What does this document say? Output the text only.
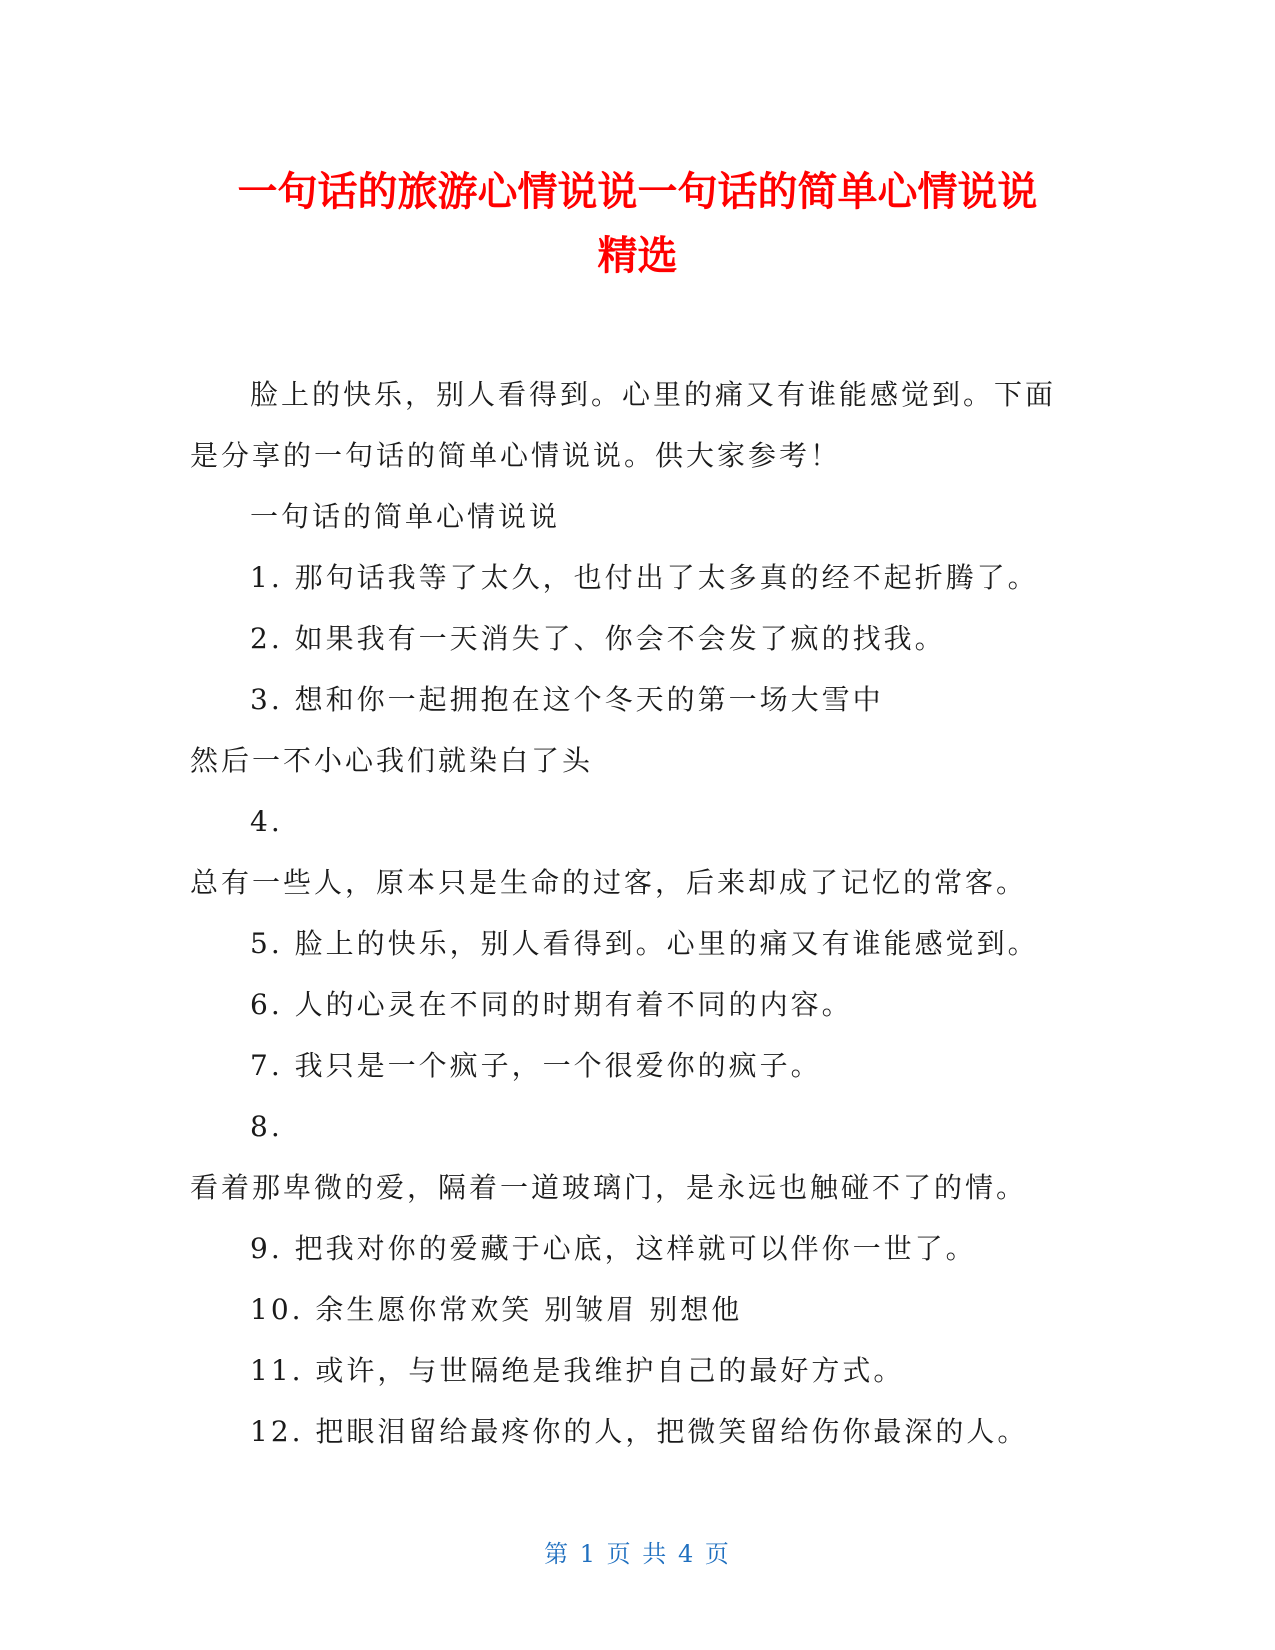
一句话的旅游心情说说一句话的简单心情说说
精选

脸上的快乐，别人看得到。心里的痛又有谁能感觉到。下面

是分享的一句话的简单心情说说。供大家参考！

一句话的简单心情说说

1. 那句话我等了太久，也付出了太多真的经不起折腾了。

2. 如果我有一天消失了、你会不会发了疯的找我。

3. 想和你一起拥抱在这个冬天的第一场大雪中

然后一不小心我们就染白了头

4.

总有一些人，原本只是生命的过客，后来却成了记忆的常客。

5. 脸上的快乐，别人看得到。心里的痛又有谁能感觉到。

6. 人的心灵在不同的时期有着不同的内容。

7. 我只是一个疯子，一个很爱你的疯子。

8.

看着那卑微的爱，隔着一道玻璃门，是永远也触碰不了的情。

9. 把我对你的爱藏于心底，这样就可以伴你一世了。

10. 余生愿你常欢笑 别皱眉 别想他

11. 或许，与世隔绝是我维护自己的最好方式。

12. 把眼泪留给最疼你的人，把微笑留给伤你最深的人。

第 1 页 共 4 页
